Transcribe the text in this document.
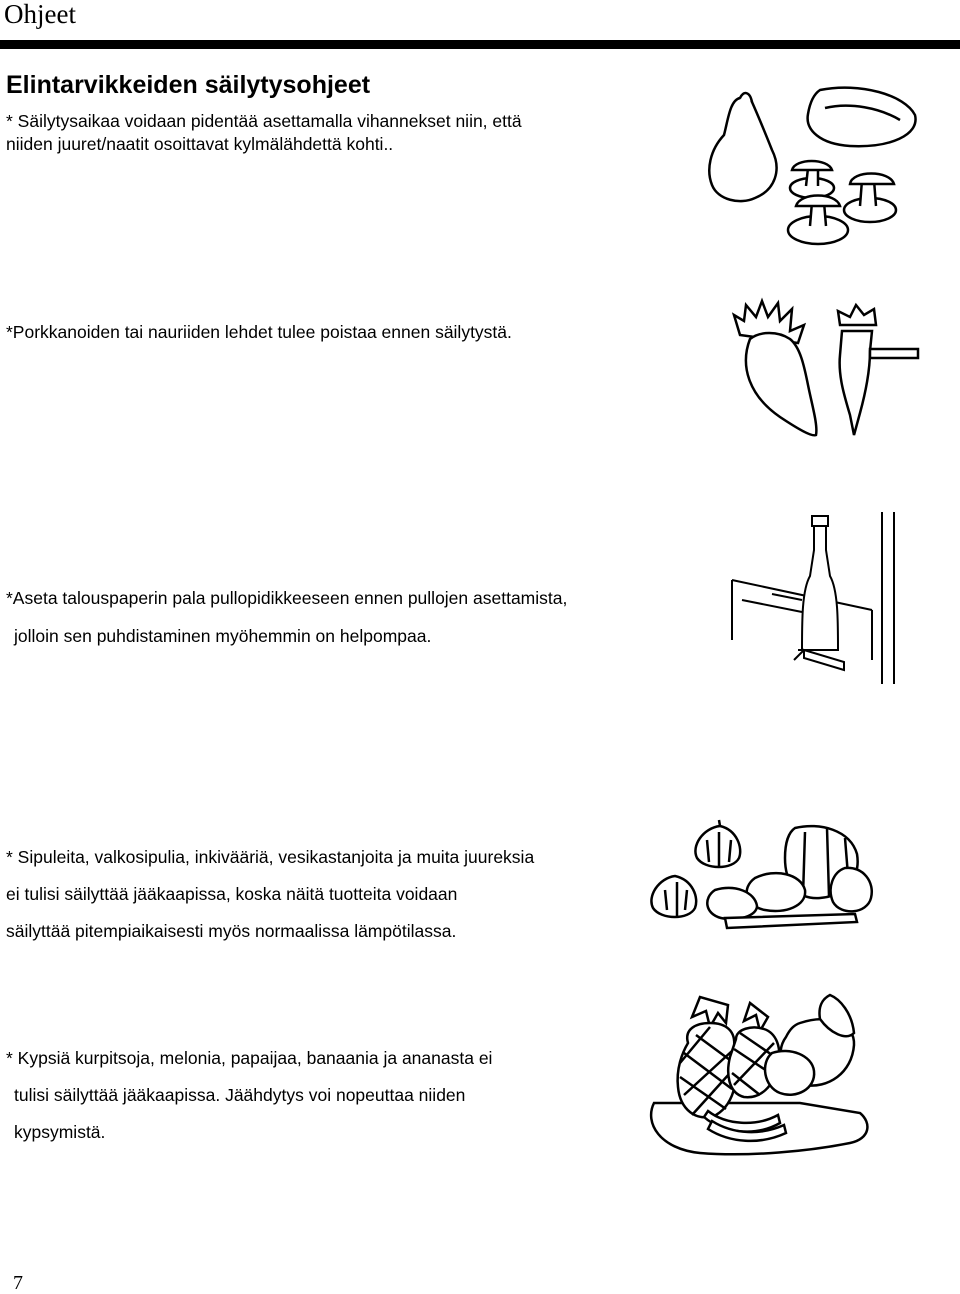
Ohjeet
Elintarvikkeiden säilytysohjeet
* Säilytysaikaa voidaan pidentää asettamalla vihannekset niin, että
niiden juuret/naatit osoittavat kylmälähdettä kohti..
*Porkkanoiden tai nauriiden lehdet tulee poistaa ennen säilytystä.
*Aseta talouspaperin pala pullopidikkeeseen ennen pullojen asettamista,
jolloin sen puhdistaminen myöhemmin on helpompaa.
* Sipuleita, valkosipulia, inkivääriä, vesikastanjoita ja muita juureksia
ei tulisi säilyttää jääkaapissa, koska näitä tuotteita voidaan
säilyttää pitempiaikaisesti myös normaalissa lämpötilassa.
* Kypsiä kurpitsoja, melonia, papaijaa, banaania ja ananasta ei
tulisi säilyttää jääkaapissa. Jäähdytys voi nopeuttaa niiden
kypsymistä.
7
